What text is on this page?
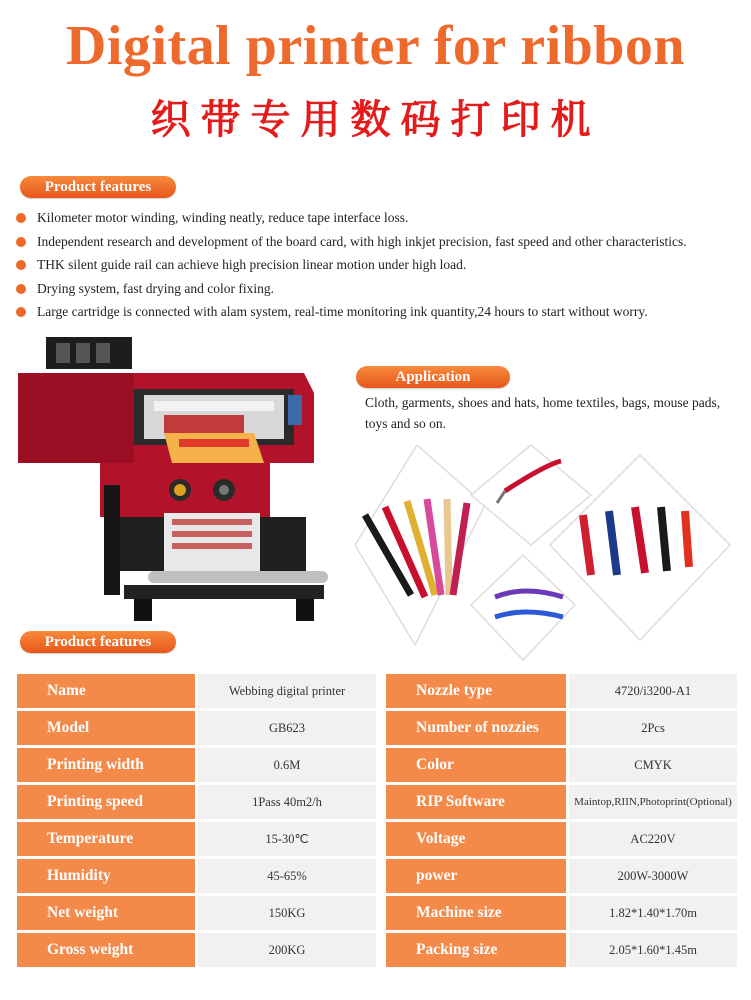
Digital printer for ribbon
织带专用数码打印机
Product features
Kilometer motor winding, winding neatly, reduce tape interface loss.
Independent research and development of the board card, with high inkjet precision, fast speed and other characteristics.
THK silent guide rail can achieve high precision linear motion under high load.
Drying system, fast drying and color fixing.
Large cartridge is connected with alam system, real-time monitoring ink quantity,24 hours to start without worry.
Application
Cloth, garments, shoes and hats, home textiles, bags, mouse pads, toys and so on.
Product features
Name	Webbing digital printer		Nozzle type	4720/i3200-A1
Model	GB623		Number of nozzies	2Pcs
Printing width	0.6M		Color	CMYK
Printing speed	1Pass 40m2/h		RIP Software	Maintop,RIIN,Photoprint(Optional)
Temperature	15-30℃		Voltage	AC220V
Humidity	45-65%		power	200W-3000W
Net weight	150KG		Machine size	1.82*1.40*1.70m
Gross weight	200KG		Packing size	2.05*1.60*1.45m
